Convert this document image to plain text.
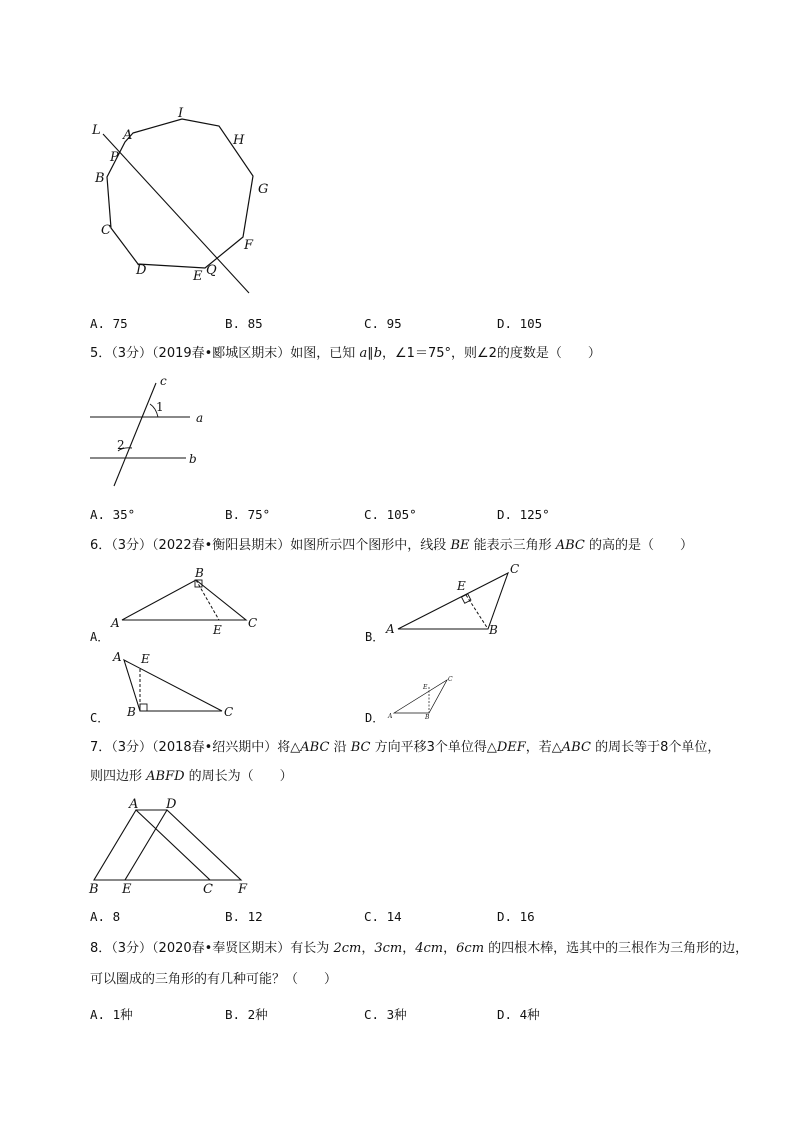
L A
I
H
P
B
G
C
F
D	E Q
A. 75	B. 85	C. 95	D. 105
5．（3分）（2019春•郾城区期末）如图，已知 a∥b，∠1＝75°，则∠2的度数是（　　）
c
1
a
2
b
A. 35°	B. 75°	C. 105°	D. 125°
6．（3分）（2022春•衡阳县期末）如图所示四个图形中，线段 BE 能表示三角形 ABC 的高的是（　　）
A．
A
B
C
E	B．
A	B
C
E
C．
A
B	C
E
D． A	B
C
E
7．（3分）（2018春•绍兴期中）将△ABC 沿 BC 方向平移3个单位得△DEF，若△ABC 的周长等于8个单位，
则四边形 ABFD 的周长为（　　）
A D
B E	C F
A. 8	B. 12	C. 14	D. 16
8．（3分）（2020春•奉贤区期末）有长为 2cm，3cm，4cm，6cm 的四根木棒，选其中的三根作为三角形的边，
可以圈成的三角形的有几种可能？（　　）
A. 1种	B. 2种	C. 3种	D. 4种
